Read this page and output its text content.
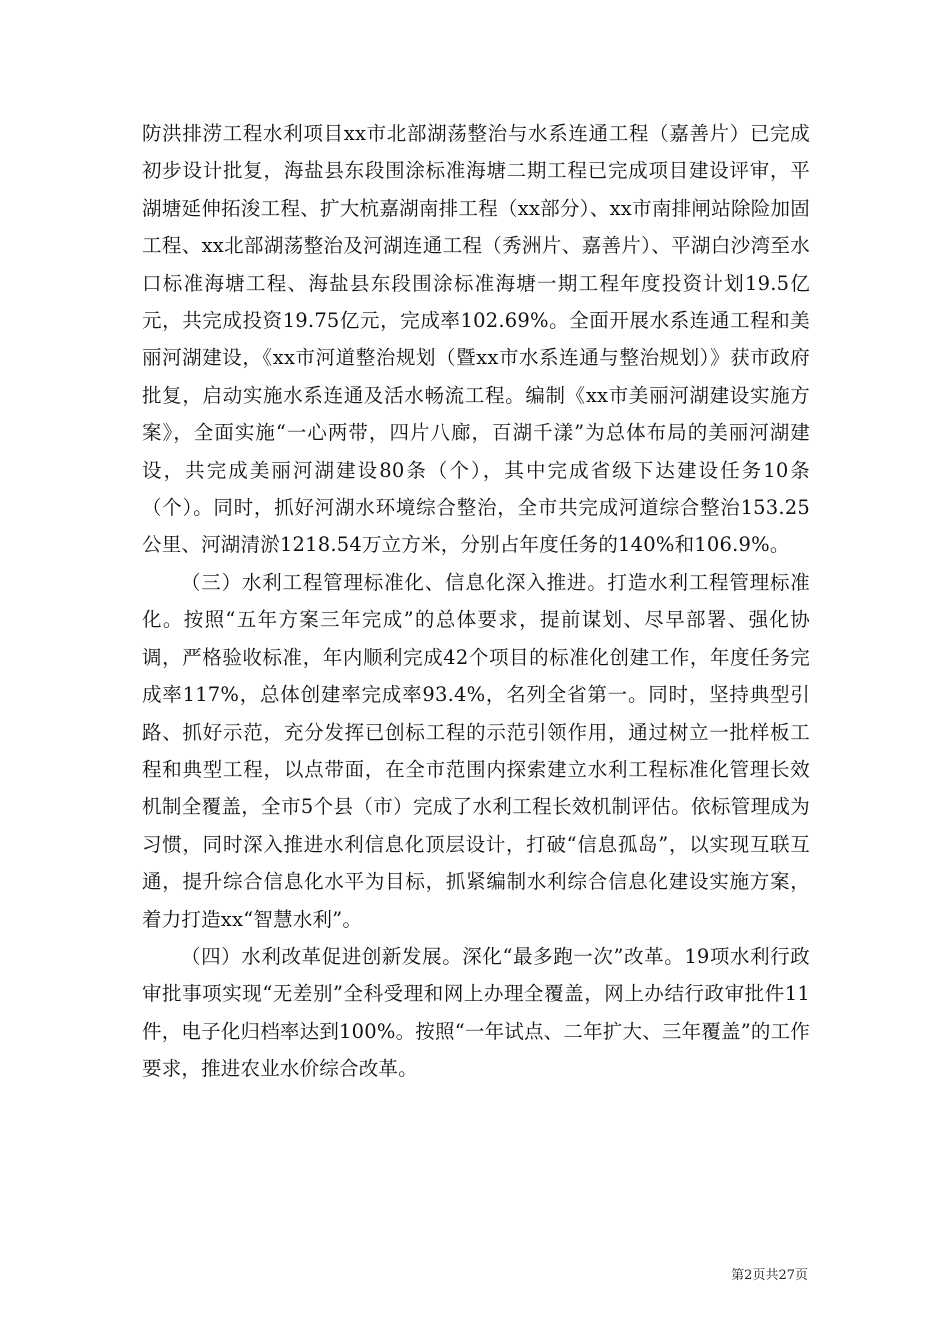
防洪排涝工程水利项目xx市北部湖荡整治与水系连通工程（嘉善片）已完成初步设计批复，海盐县东段围涂标准海塘二期工程已完成项目建设评审，平湖塘延伸拓浚工程、扩大杭嘉湖南排工程（xx部分）、xx市南排闸站除险加固工程、xx北部湖荡整治及河湖连通工程（秀洲片、嘉善片）、平湖白沙湾至水口标准海塘工程、海盐县东段围涂标准海塘一期工程年度投资计划19.5亿元，共完成投资19.75亿元，完成率102.69%。全面开展水系连通工程和美丽河湖建设，《xx市河道整治规划（暨xx市水系连通与整治规划）》获市政府批复，启动实施水系连通及活水畅流工程。编制《xx市美丽河湖建设实施方案》，全面实施“一心两带，四片八廊，百湖千漾”为总体布局的美丽河湖建设，共完成美丽河湖建设80条（个），其中完成省级下达建设任务10条（个）。同时，抓好河湖水环境综合整治，全市共完成河道综合整治153.25公里、河湖清淤1218.54万立方米，分别占年度任务的140%和106.9%。

（三）水利工程管理标准化、信息化深入推进。打造水利工程管理标准化。按照“五年方案三年完成”的总体要求，提前谋划、尽早部署、强化协调，严格验收标准，年内顺利完成42个项目的标准化创建工作，年度任务完成率117%，总体创建率完成率93.4%，名列全省第一。同时，坚持典型引路、抓好示范，充分发挥已创标工程的示范引领作用，通过树立一批样板工程和典型工程，以点带面，在全市范围内探索建立水利工程标准化管理长效机制全覆盖，全市5个县（市）完成了水利工程长效机制评估。依标管理成为习惯，同时深入推进水利信息化顶层设计，打破“信息孤岛”，以实现互联互通，提升综合信息化水平为目标，抓紧编制水利综合信息化建设实施方案，着力打造xx“智慧水利”。

（四）水利改革促进创新发展。深化“最多跑一次”改革。19项水利行政审批事项实现“无差别”全科受理和网上办理全覆盖，网上办结行政审批件11件，电子化归档率达到100%。按照“一年试点、二年扩大、三年覆盖”的工作要求，推进农业水价综合改革。

第2页共27页
